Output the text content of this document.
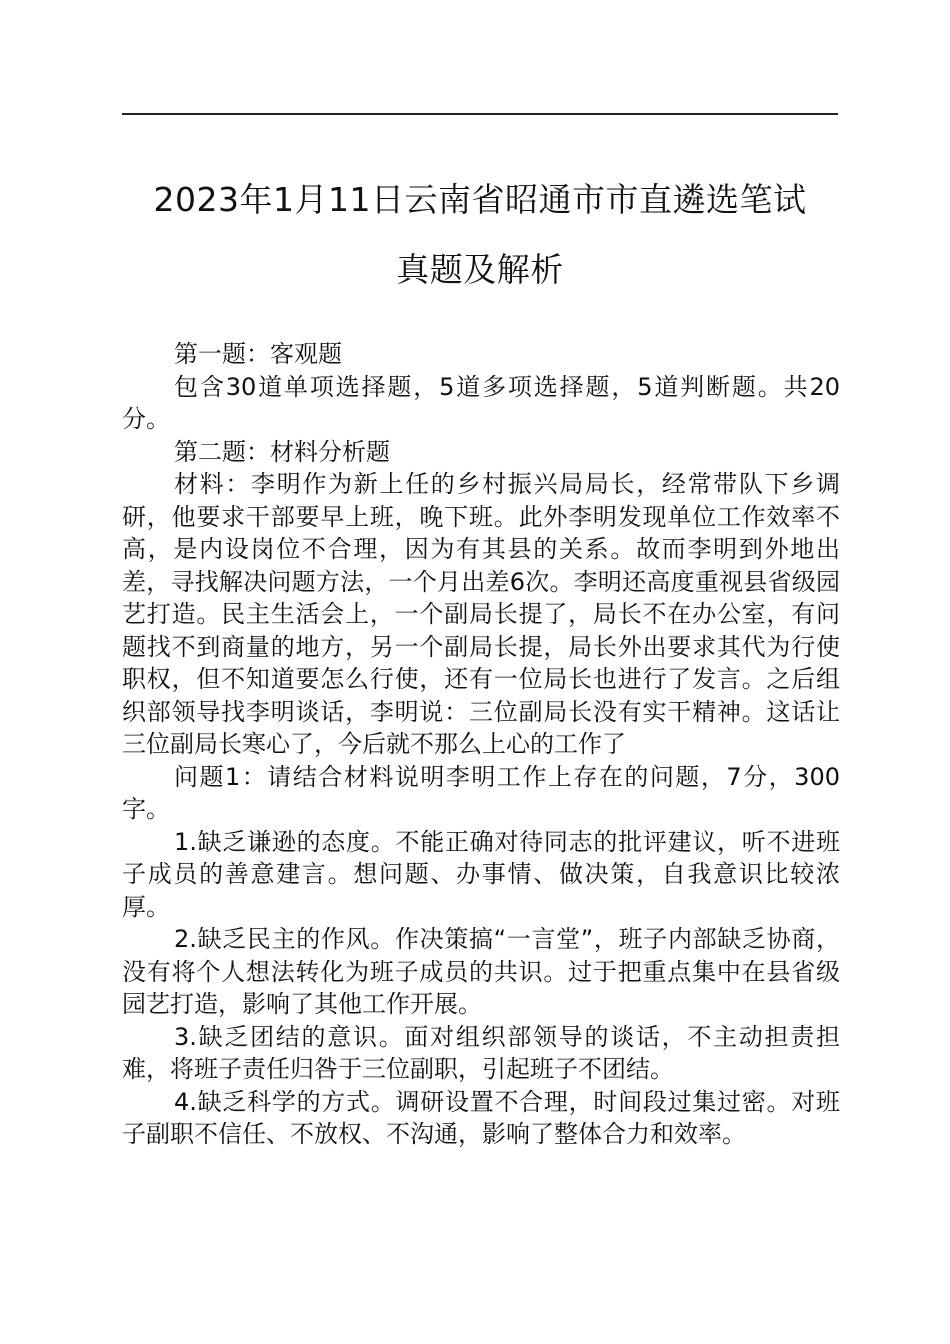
2023年1月11日云南省昭通市市直遴选笔试
真题及解析

第一题：客观题

包含30道单项选择题，5道多项选择题，5道判断题。共20分。

第二题：材料分析题

材料：李明作为新上任的乡村振兴局局长，经常带队下乡调研，他要求干部要早上班，晚下班。此外李明发现单位工作效率不高，是内设岗位不合理，因为有其县的关系。故而李明到外地出差，寻找解决问题方法，一个月出差6次。李明还高度重视县省级园艺打造。民主生活会上，一个副局长提了，局长不在办公室，有问题找不到商量的地方，另一个副局长提，局长外出要求其代为行使职权，但不知道要怎么行使，还有一位局长也进行了发言。之后组织部领导找李明谈话，李明说：三位副局长没有实干精神。这话让三位副局长寒心了，今后就不那么上心的工作了

问题1：请结合材料说明李明工作上存在的问题，7分，300字。

1.缺乏谦逊的态度。不能正确对待同志的批评建议，听不进班子成员的善意建言。想问题、办事情、做决策，自我意识比较浓厚。

2.缺乏民主的作风。作决策搞“一言堂”，班子内部缺乏协商，没有将个人想法转化为班子成员的共识。过于把重点集中在县省级园艺打造，影响了其他工作开展。

3.缺乏团结的意识。面对组织部领导的谈话，不主动担责担难，将班子责任归咎于三位副职，引起班子不团结。

4.缺乏科学的方式。调研设置不合理，时间段过集过密。对班子副职不信任、不放权、不沟通，影响了整体合力和效率。
